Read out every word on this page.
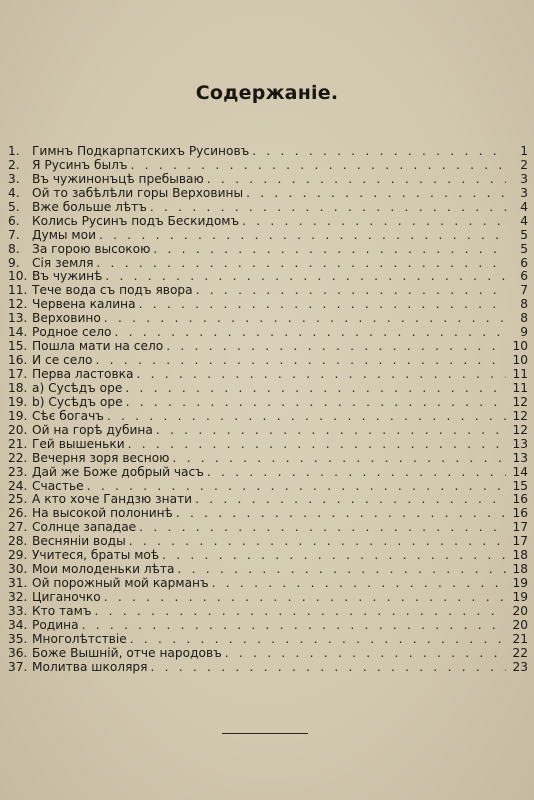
Содержаніе.
1.	Гимнъ Подкарпатскихъ Русиновъ . . .	1
2.	Я Русинъ былъ . . .	2
3.	Въ чужинонъцѣ пребываю . . .	3
4.	Ой то забѣлѣли горы Верховины . . .	3
5.	Вже больше лѣтъ . . .	4
6.	Колись Русинъ подъ Бескидомъ . . .	4
7.	Думы мои . . .	5
8.	За горою высокою . . .	5
9.	Сія земля . . .	6
10. Въ чужинѣ . . .	6
11. Тече вода съ подъ явора . . .	7
12. Червена калина . . .	8
13. Верховино . . .	8
14. Родное село . . .	9
15. Пошла мати на село . . .	10
16. И се село . . .	10
17. Перва ластовка . . .	11
18. а) Сусѣдъ оре . . .	11
19. b) Сусѣдъ оре . . .	12
19. Сѣє богачъ . . .	12
20. Ой на горѣ дубина . . .	12
21. Гей вышеньки . . .	13
22. Вечерня зоря весною . . .	13
23. Дай же Боже добрый часъ . . .	14
24. Счастье . . .	15
25. А кто хоче Гандзю знати . . .	16
26. На высокой полонинѣ . . .	16
27. Солнце западае . . .	17
28. Весняніи воды . . .	17
29. Учитеся, браты моѣ . . .	18
30. Мои молоденьки лѣта . . .	18
31. Ой порожный мой карманъ . . .	19
32. Циганочко . . .	19
33. Кто тамъ . . .	20
34. Родина . . .	20
35. Многолѣтствіе . . .	21
36. Боже Вышній, отче народовъ . . .	22
37. Молитва школяря . . .	23
